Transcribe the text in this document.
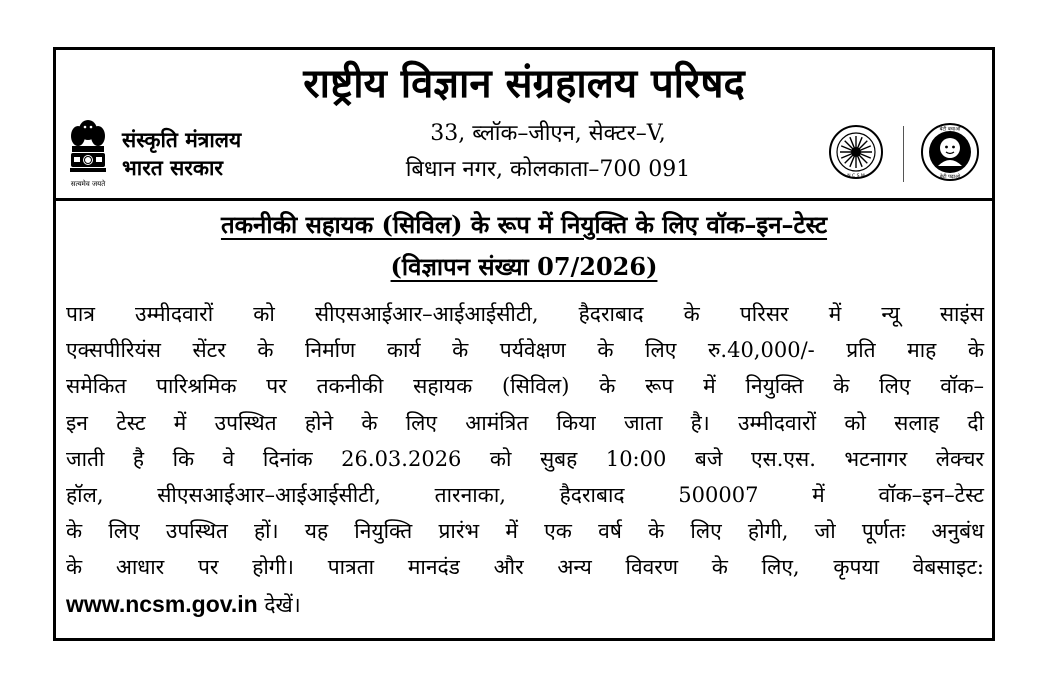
राष्ट्रीय विज्ञान संग्रहालय परिषद
सत्यमेव जयते
संस्कृति मंत्रालय
भारत सरकार
33, ब्लॉक–जीएन, सेक्टर–V,
बिधान नगर, कोलकाता–700 091	N C S M
बेटी बचाओ
बेटी पढ़ाओ
तकनीकी सहायक (सिविल) के रूप में नियुक्ति के लिए वॉक–इन–टेस्ट
(विज्ञापन संख्या 07/2026)
पात्र उम्मीदवारों को सीएसआईआर–आईआईसीटी, हैदराबाद के परिसर में न्यू साइंस
एक्सपीरियंस सेंटर के निर्माण कार्य के पर्यवेक्षण के लिए रु.40,000/- प्रति माह के
समेकित पारिश्रमिक पर तकनीकी सहायक (सिविल) के रूप में नियुक्ति के लिए वॉक–
इन टेस्ट में उपस्थित होने के लिए आमंत्रित किया जाता है। उम्मीदवारों को सलाह दी
जाती है कि वे दिनांक 26.03.2026 को सुबह 10:00 बजे एस.एस. भटनागर लेक्चर
हॉल, सीएसआईआर–आईआईसीटी, तारनाका, हैदराबाद 500007 में वॉक–इन–टेस्ट
के लिए उपस्थित हों। यह नियुक्ति प्रारंभ में एक वर्ष के लिए होगी, जो पूर्णतः अनुबंध
के आधार पर होगी। पात्रता मानदंड और अन्य विवरण के लिए, कृपया वेबसाइट:
www.ncsm.gov.in देखें।
